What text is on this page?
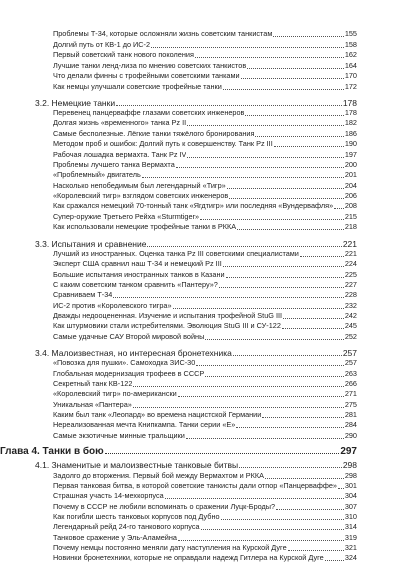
Проблемы Т-34, которые осложняли жизнь советским танкистам	155
Долгий путь от КВ-1 до ИС-2	158
Первый советский танк нового поколения	162
Лучшие танки ленд-лиза по мнению советских танкистов	164
Что делали финны с трофейными советскими танками	170
Как немцы улучшали советские трофейные танки	172
3.2. Немецкие танки	178
Перевенец панцерваффе глазами советских инженеров	178
Долгая жизнь «временного» танка Pz II	182
Самые бесполезные. Лёгкие танки тяжёлого бронирования	186
Методом проб и ошибок: Долгий путь к совершенству. Танк Pz III	190
Рабочая лошадка вермахта. Танк Pz IV	197
Проблемы лучшего танка Вермахта	200
«Проблемный» двигатель	201
Насколько непобедимым был легендарный «Тигр»	204
«Королевский тигр» взглядом советских инженеров	206
Как сражался немецкий 70-тонный танк «Ягдтигр» или последняя «Вундервафля» 208
Супер-оружие Третьего Рейха «Sturmtiger»	215
Как использовали немецкие трофейные танки в РККА	218
3.3. Испытания и сравнение	221
Лучший из иностранных. Оценка танка Pz III советскими специалистами	221
Эксперт США сравнил наш Т-34 и немецкий Pz III	224
Большие испытания иностранных танков в Казани	225
С каким советским танком сравнить «Пантеру»?	227
Сравниваем Т-34	228
ИС-2 против «Королевского тигра»	232
Дважды недооцененная. Изучение и испытания трофейной StuG III	242
Как штурмовики стали истребителями. Эволюция StuG III и СУ-122	245
Самые удачные САУ Второй мировой войны	252
3.4. Малоизвестная, но интересная бронетехника	257
«Повозка для пушки». Самоходка ЗИС-30	257
Глобальная модернизация трофеев в СССР	263
Секретный танк КВ-122	266
«Королевский тигр» по-американски	271
Уникальная «Пантера»	275
Каким был танк «Леопард» во времена нацистской Германии	281
Нереализованная мечта Книпкампа. Танки серии «Е»	284
Самые экзотичные минные тральщики	290
Глава 4. Танки в бою	297
4.1. Знаменитые и малоизвестные танковые битвы	298
Задолго до вторжения. Первый бой между Вермахтом и РККА	298
Первая танковая битва, в которой советские танкисты дали отпор «Панцерваффе» 301
Страшная участь 14-мехкорпуса	304
Почему в СССР не любили вспоминать о сражении Луцк-Броды?	307
Как погибли шесть танковых корпусов под Дубно	310
Легендарный рейд 24-го танкового корпуса	314
Танковое сражение у Эль-Аламейна	319
Почему немцы постоянно меняли дату наступления на Курской Дуге	321
Новинки бронетехники, которые не оправдали надежд Гитлера на Курской Дуге	324
